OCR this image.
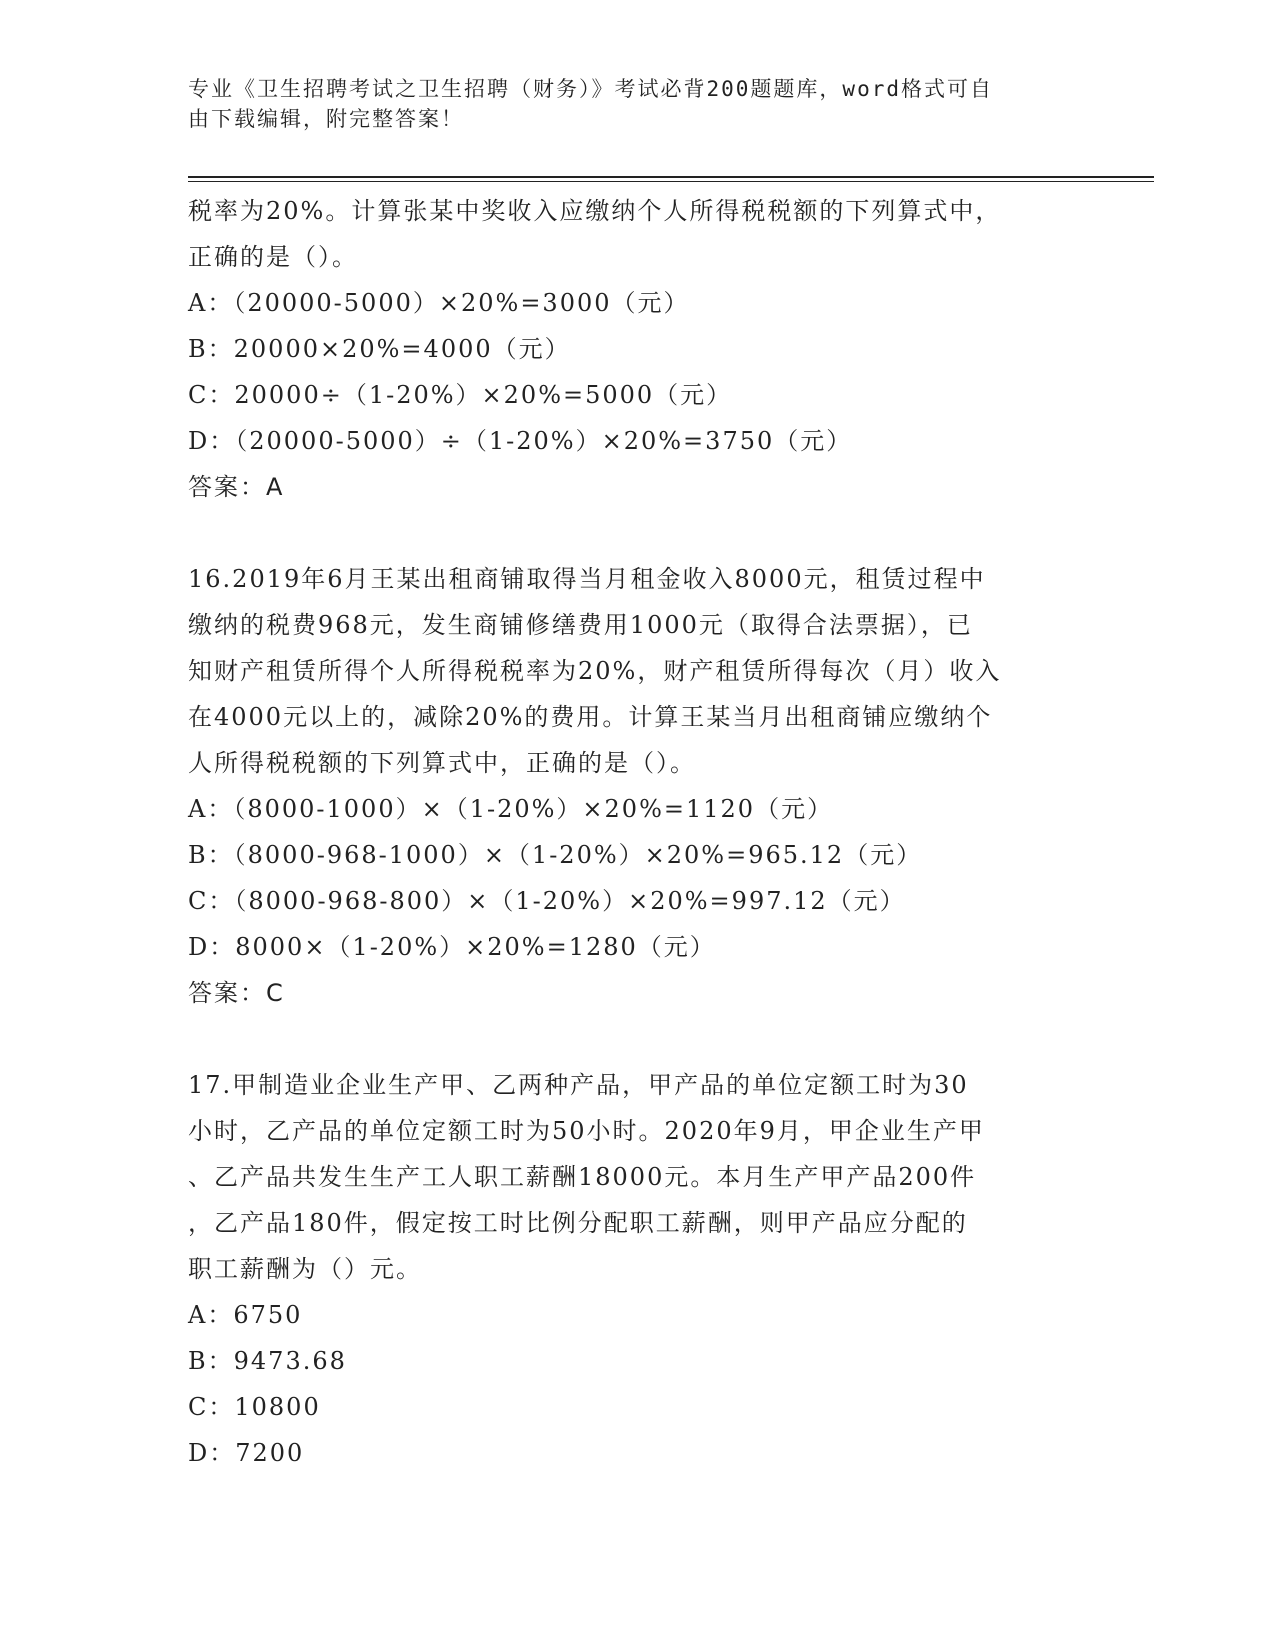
专业《卫生招聘考试之卫生招聘（财务）》考试必背200题题库，word格式可自
由下载编辑，附完整答案！
税率为20%。计算张某中奖收入应缴纳个人所得税税额的下列算式中，
正确的是（）。
A：（20000-5000）×20%=3000（元）
B：20000×20%=4000（元）
C：20000÷（1-20%）×20%=5000（元）
D：（20000-5000）÷（1-20%）×20%=3750（元）
答案：A
16.2019年6月王某出租商铺取得当月租金收入8000元，租赁过程中
缴纳的税费968元，发生商铺修缮费用1000元（取得合法票据），已
知财产租赁所得个人所得税税率为20%，财产租赁所得每次（月）收入
在4000元以上的，减除20%的费用。计算王某当月出租商铺应缴纳个
人所得税税额的下列算式中，正确的是（）。
A：（8000-1000）×（1-20%）×20%=1120（元）
B：（8000-968-1000）×（1-20%）×20%=965.12（元）
C：（8000-968-800）×（1-20%）×20%=997.12（元）
D：8000×（1-20%）×20%=1280（元）
答案：C
17.甲制造业企业生产甲、乙两种产品，甲产品的单位定额工时为30
小时，乙产品的单位定额工时为50小时。2020年9月，甲企业生产甲
、乙产品共发生生产工人职工薪酬18000元。本月生产甲产品200件
，乙产品180件，假定按工时比例分配职工薪酬，则甲产品应分配的
职工薪酬为（）元。
A：6750
B：9473.68
C：10800
D：7200
